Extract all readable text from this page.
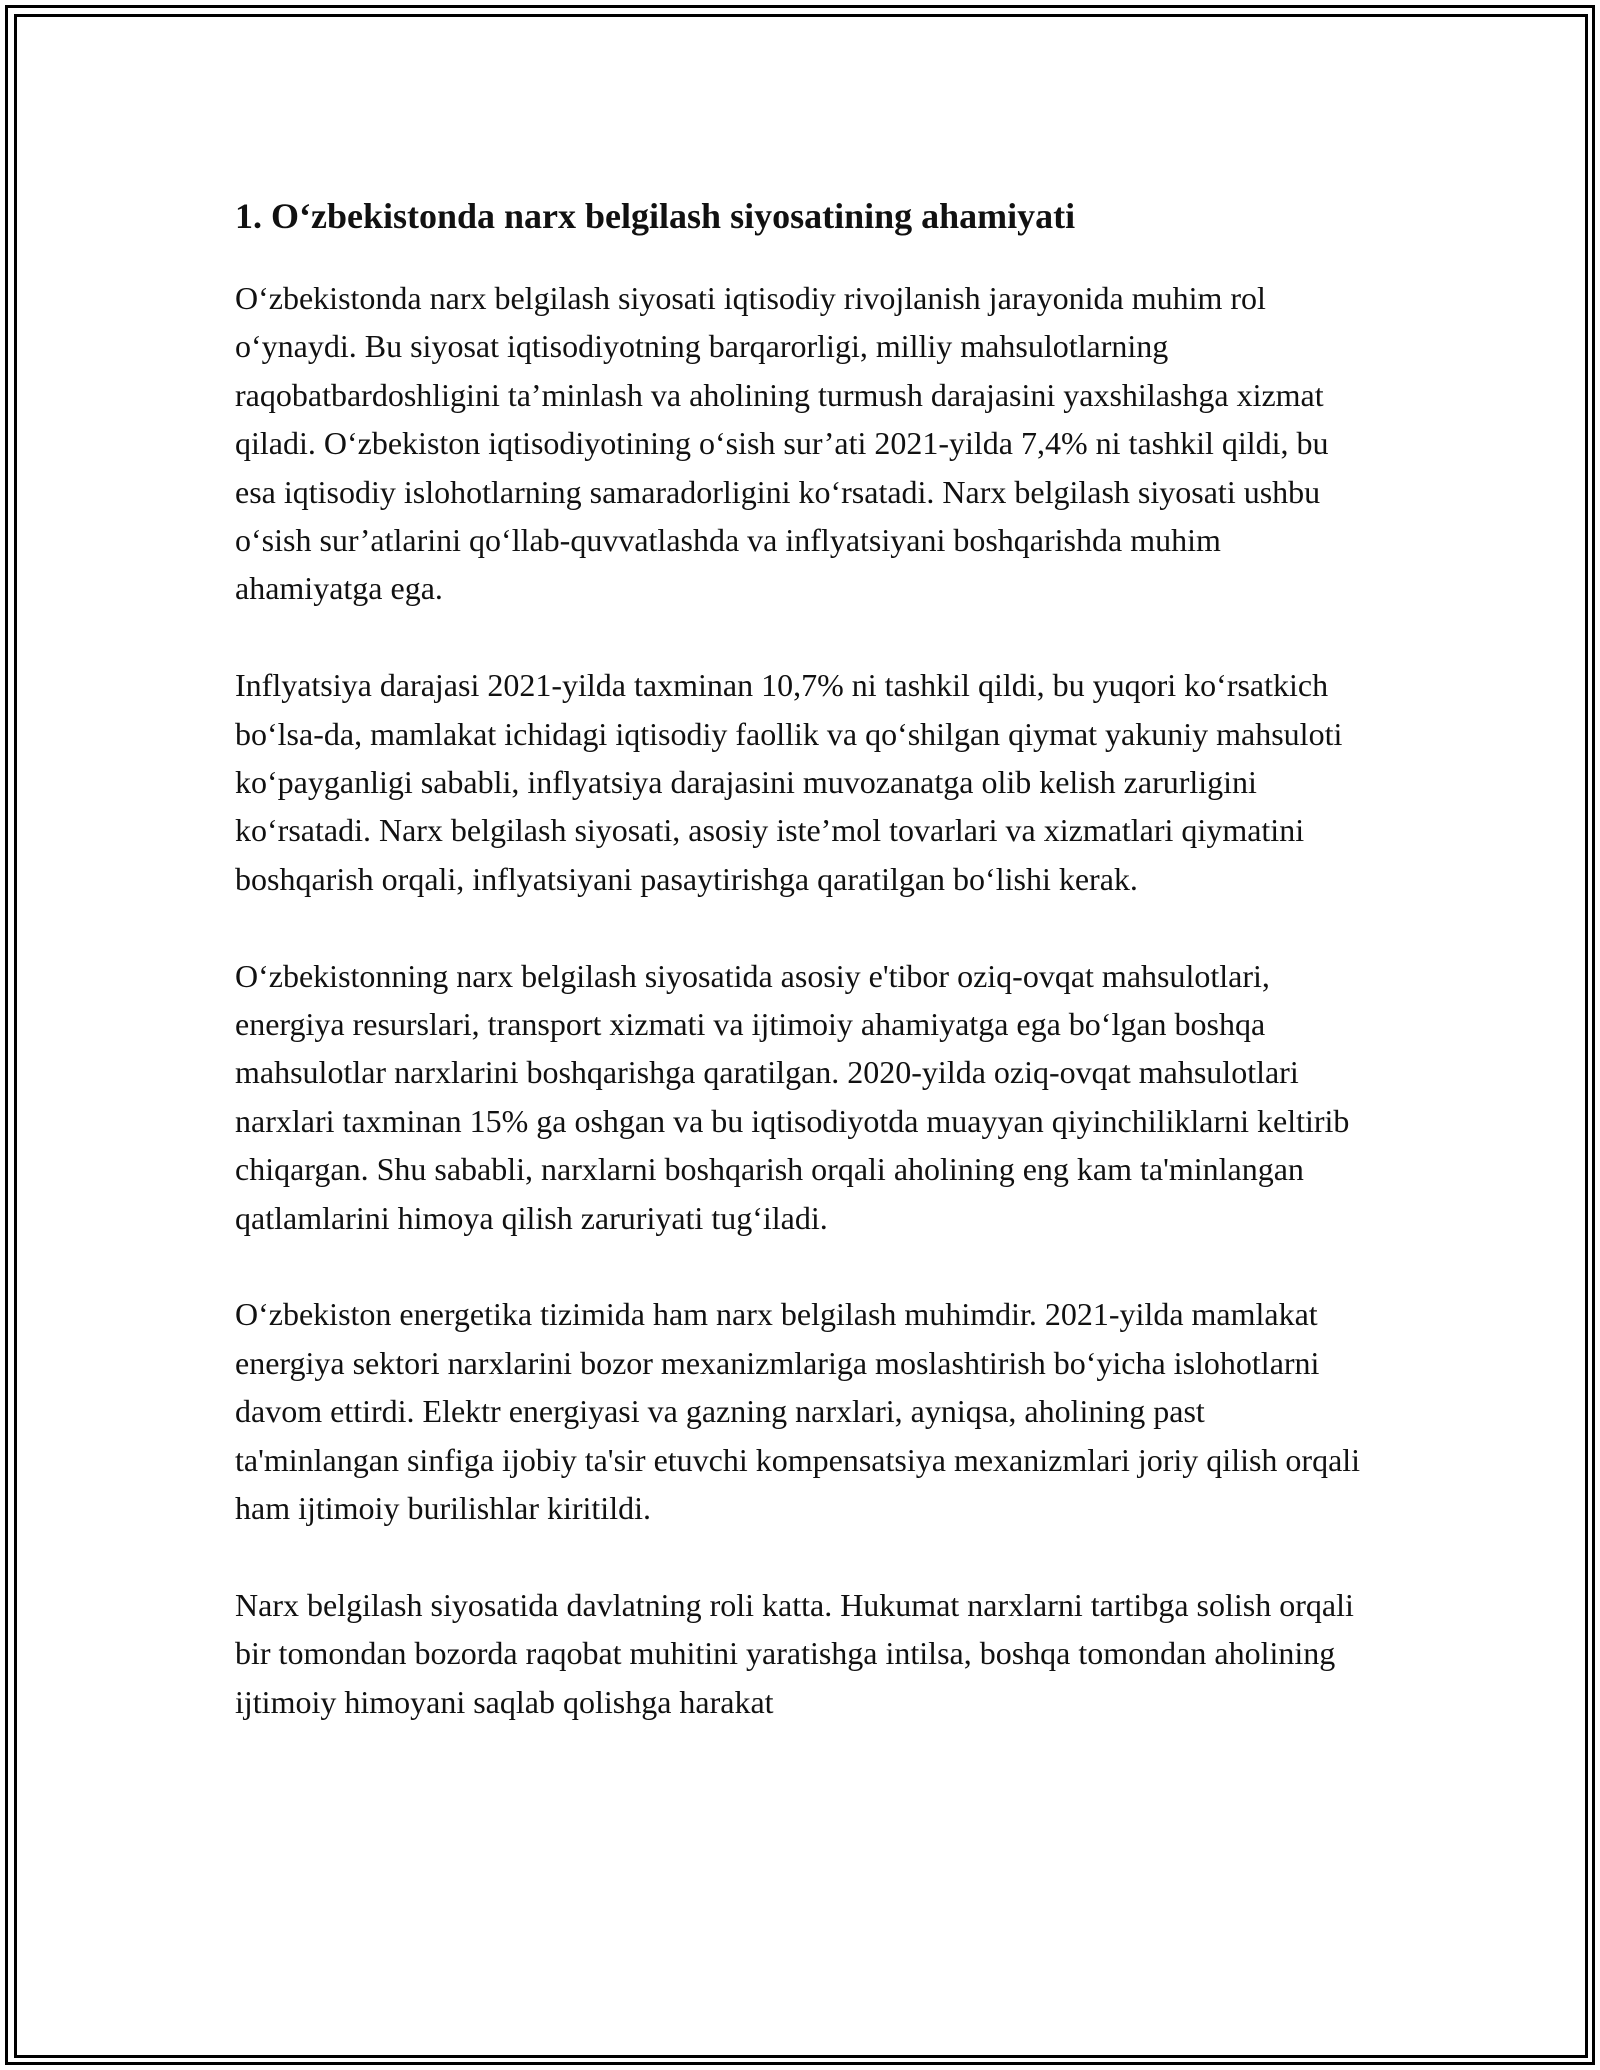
1. O‘zbekistonda narx belgilash siyosatining ahamiyati

O‘zbekistonda narx belgilash siyosati iqtisodiy rivojlanish jarayonida muhim rol o‘ynaydi. Bu siyosat iqtisodiyotning barqarorligi, milliy mahsulotlarning raqobatbardoshligini ta’minlash va aholining turmush darajasini yaxshilashga xizmat qiladi. O‘zbekiston iqtisodiyotining o‘sish sur’ati 2021-yilda 7,4% ni tashkil qildi, bu esa iqtisodiy islohotlarning samaradorligini ko‘rsatadi. Narx belgilash siyosati ushbu o‘sish sur’atlarini qo‘llab-quvvatlashda va inflyatsiyani boshqarishda muhim ahamiyatga ega.

Inflyatsiya darajasi 2021-yilda taxminan 10,7% ni tashkil qildi, bu yuqori ko‘rsatkich bo‘lsa-da, mamlakat ichidagi iqtisodiy faollik va qo‘shilgan qiymat yakuniy mahsuloti ko‘payganligi sababli, inflyatsiya darajasini muvozanatga olib kelish zarurligini ko‘rsatadi. Narx belgilash siyosati, asosiy iste’mol tovarlari va xizmatlari qiymatini boshqarish orqali, inflyatsiyani pasaytirishga qaratilgan bo‘lishi kerak.

O‘zbekistonning narx belgilash siyosatida asosiy e'tibor oziq-ovqat mahsulotlari, energiya resurslari, transport xizmati va ijtimoiy ahamiyatga ega bo‘lgan boshqa mahsulotlar narxlarini boshqarishga qaratilgan. 2020-yilda oziq-ovqat mahsulotlari narxlari taxminan 15% ga oshgan va bu iqtisodiyotda muayyan qiyinchiliklarni keltirib chiqargan. Shu sababli, narxlarni boshqarish orqali aholining eng kam ta'minlangan qatlamlarini himoya qilish zaruriyati tug‘iladi.

O‘zbekiston energetika tizimida ham narx belgilash muhimdir. 2021-yilda mamlakat energiya sektori narxlarini bozor mexanizmlariga moslashtirish bo‘yicha islohotlarni davom ettirdi. Elektr energiyasi va gazning narxlari, ayniqsa, aholining past ta'minlangan sinfiga ijobiy ta'sir etuvchi kompensatsiya mexanizmlari joriy qilish orqali ham ijtimoiy burilishlar kiritildi.

Narx belgilash siyosatida davlatning roli katta. Hukumat narxlarni tartibga solish orqali bir tomondan bozorda raqobat muhitini yaratishga intilsa, boshqa tomondan aholining ijtimoiy himoyani saqlab qolishga harakat
